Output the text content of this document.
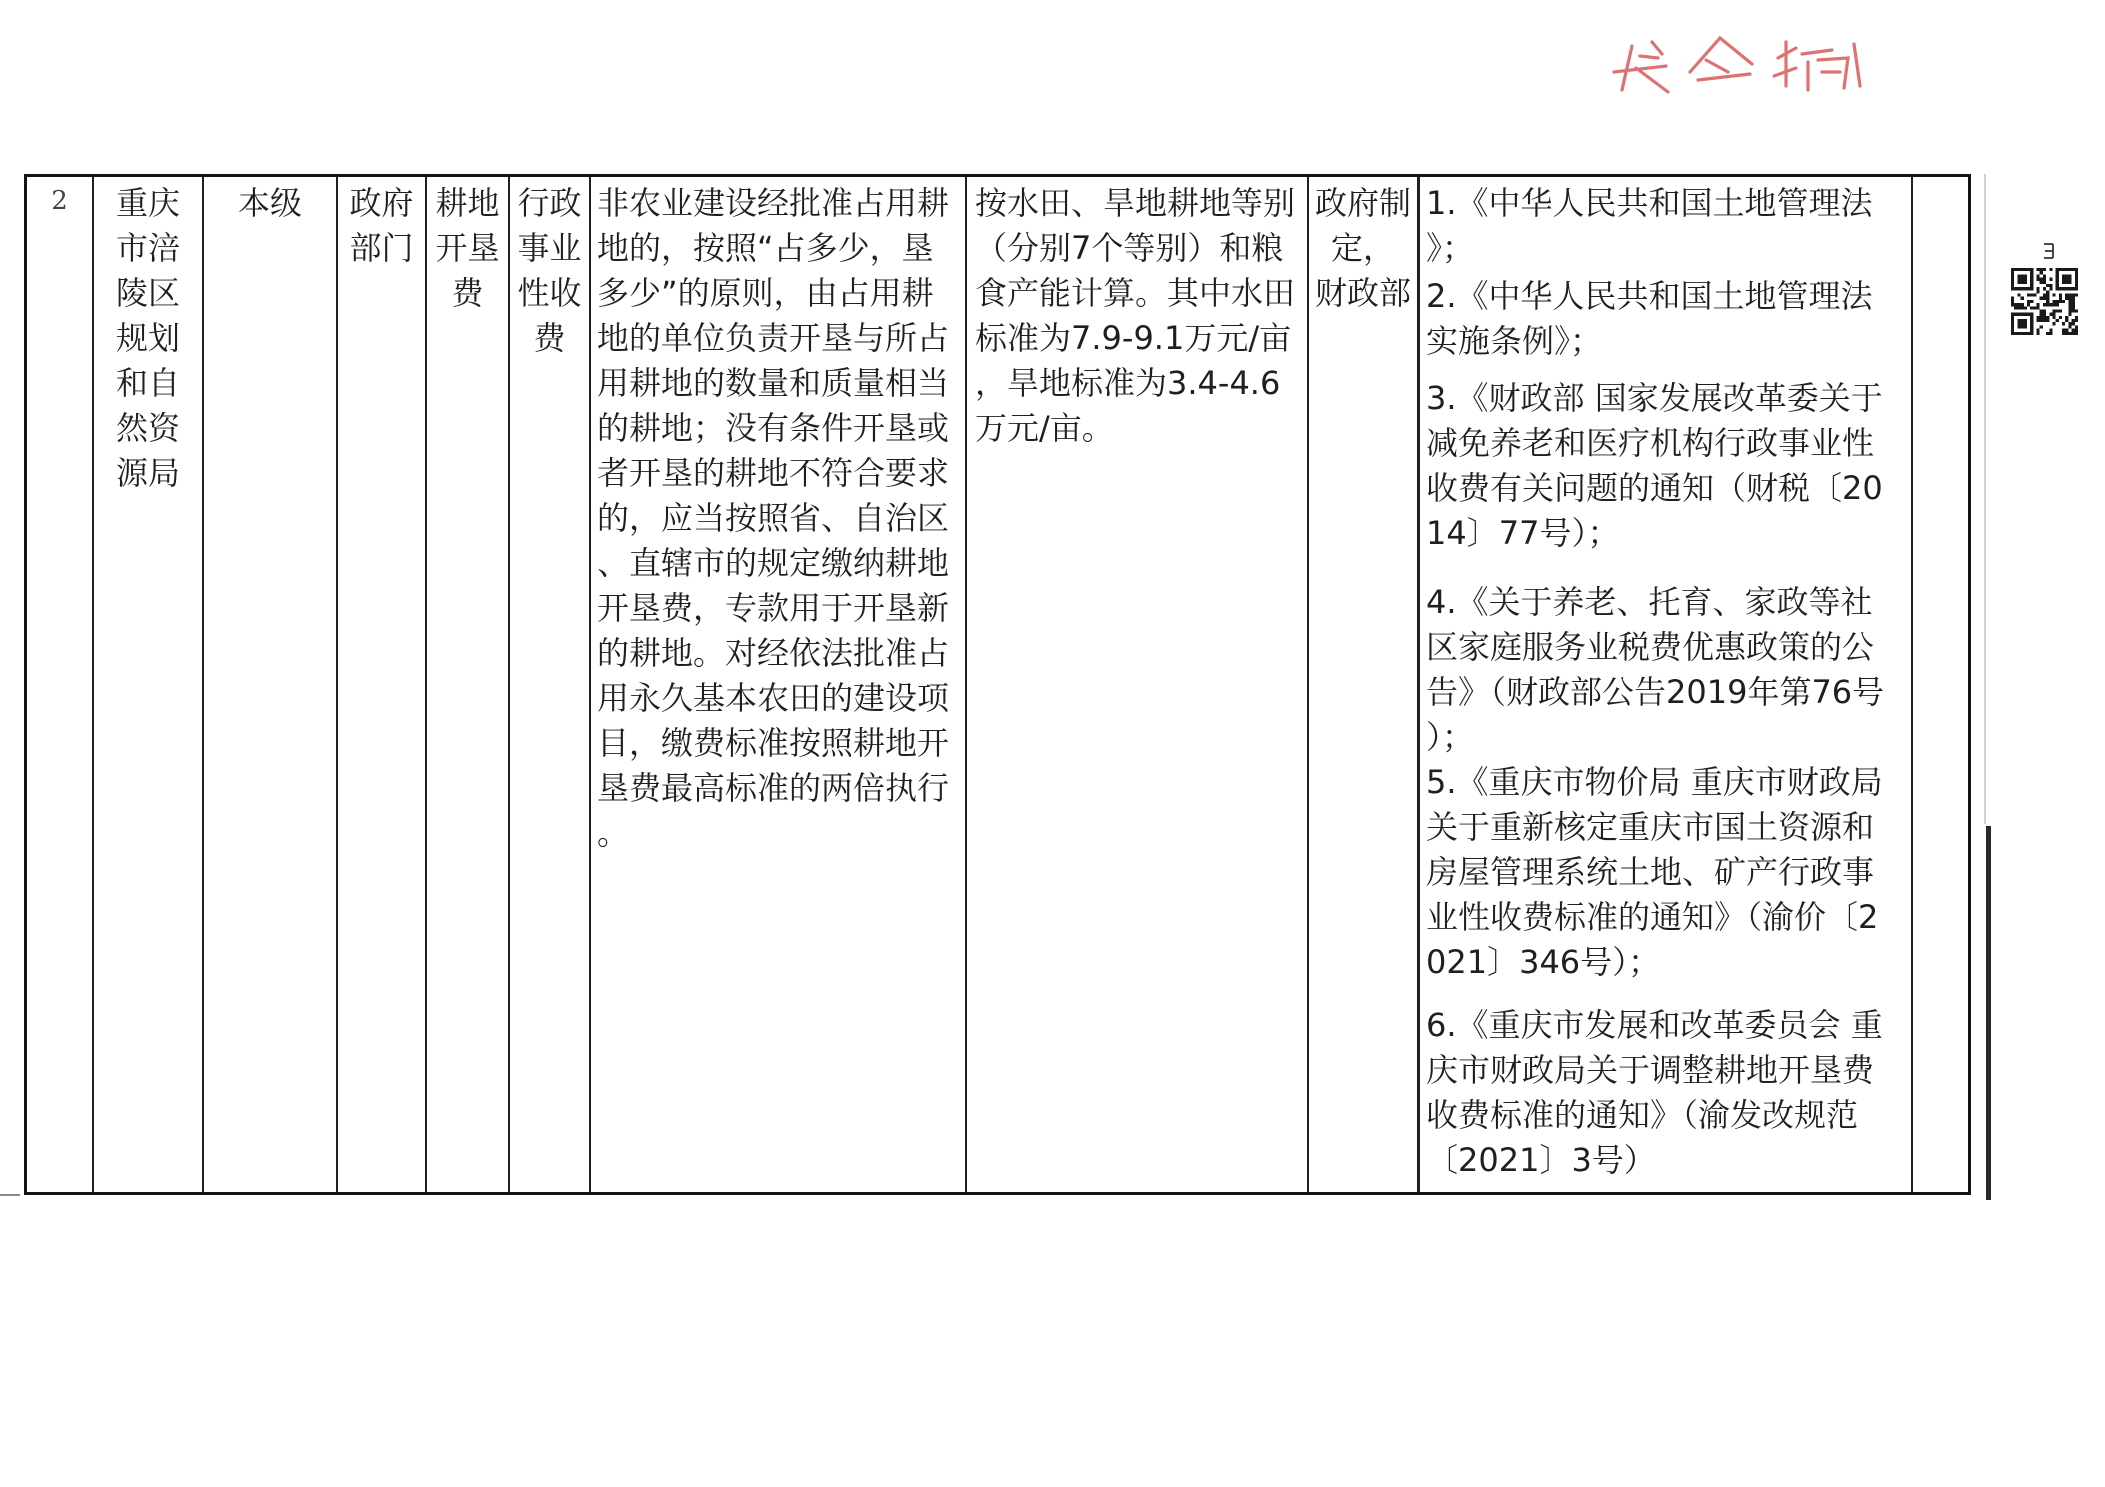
2	重庆市涪陵区规划和自然资源局
本级	政府部门
耕地开垦费
行政事业性收费
非农业建设经批准占用耕地的，按照“占多少，垦多少”的原则，由占用耕地的单位负责开垦与所占用耕地的数量和质量相当的耕地；没有条件开垦或者开垦的耕地不符合要求的，应当按照省、自治区、直辖市的规定缴纳耕地开垦费，专款用于开垦新的耕地。对经依法批准占用永久基本农田的建设项目，缴费标准按照耕地开垦费最高标准的两倍执行。
按水田、旱地耕地等别（分别7个等别）和粮食产能计算。其中水田标准为7.9-9.1万元/亩，旱地标准为3.4-4.6万元/亩。
政府制定，
财政部
1.《中华人民共和国土地管理法》；
2.《中华人民共和国土地管理法实施条例》；
3.《财政部 国家发展改革委关于减免养老和医疗机构行政事业性收费有关问题的通知（财税〔2014〕77号）；
4.《关于养老、托育、家政等社区家庭服务业税费优惠政策的公告》（财政部公告2019年第76号）；
5.《重庆市物价局 重庆市财政局关于重新核定重庆市国土资源和房屋管理系统土地、矿产行政事业性收费标准的通知》（渝价〔2021〕346号）；
6.《重庆市发展和改革委员会 重庆市财政局关于调整耕地开垦费收费标准的通知》（渝发改规范〔2021〕3号）
